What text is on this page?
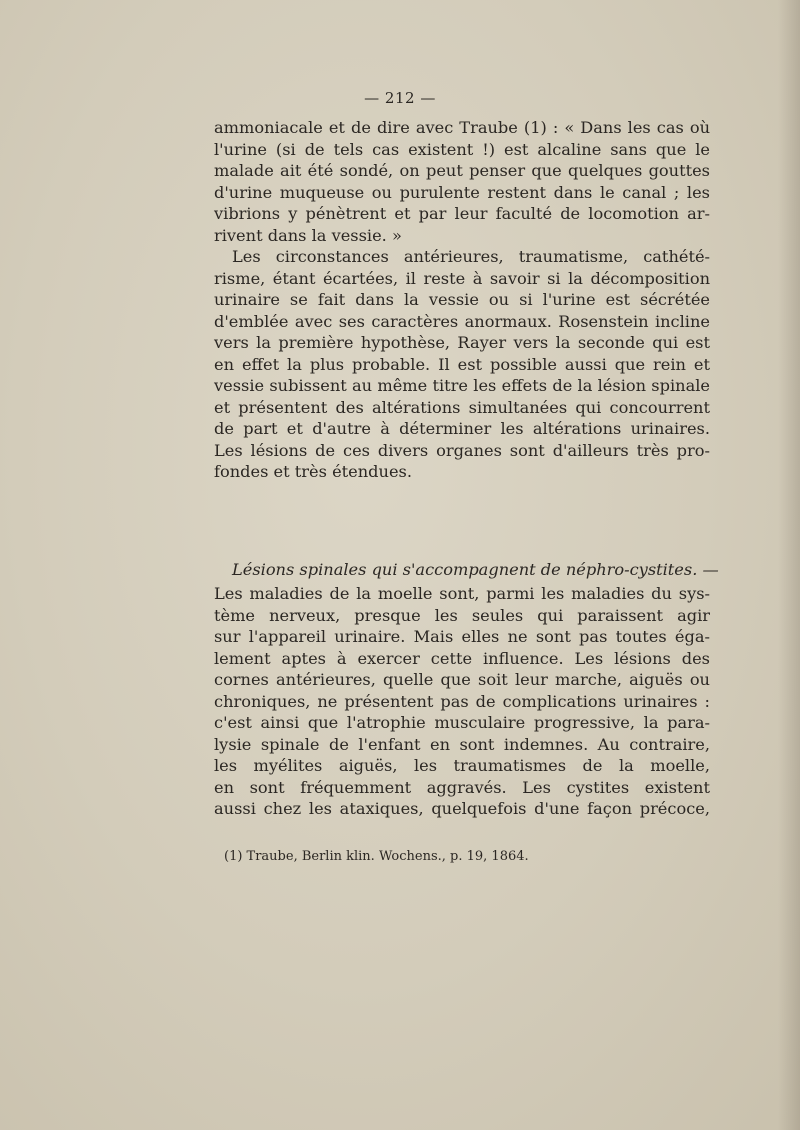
— 212 —
ammoniacale et de dire avec Traube (1) : « Dans les cas où
l'urine (si de tels cas existent !) est alcaline sans que le
malade ait été sondé, on peut penser que quelques gouttes
d'urine muqueuse ou purulente restent dans le canal ; les
vibrions y pénètrent et par leur faculté de locomotion ar-
rivent dans la vessie. »
Les circonstances antérieures, traumatisme, cathété-
risme, étant écartées, il reste à savoir si la décomposition
urinaire se fait dans la vessie ou si l'urine est sécrétée
d'emblée avec ses caractères anormaux. Rosenstein incline
vers la première hypothèse, Rayer vers la seconde qui est
en effet la plus probable. Il est possible aussi que rein et
vessie subissent au même titre les effets de la lésion spinale
et présentent des altérations simultanées qui concourrent
de part et d'autre à déterminer les altérations urinaires.
Les lésions de ces divers organes sont d'ailleurs très pro-
fondes et très étendues.
Lésions spinales qui s'accompagnent de néphro-cystites. —
Les maladies de la moelle sont, parmi les maladies du sys-
tème nerveux, presque les seules qui paraissent agir
sur l'appareil urinaire. Mais elles ne sont pas toutes éga-
lement aptes à exercer cette influence. Les lésions des
cornes antérieures, quelle que soit leur marche, aiguës ou
chroniques, ne présentent pas de complications urinaires :
c'est ainsi que l'atrophie musculaire progressive, la para-
lysie spinale de l'enfant en sont indemnes. Au contraire,
les myélites aiguës, les traumatismes de la moelle,
en sont fréquemment aggravés. Les cystites existent
aussi chez les ataxiques, quelquefois d'une façon précoce,
(1) Traube, Berlin klin. Wochens., p. 19, 1864.
